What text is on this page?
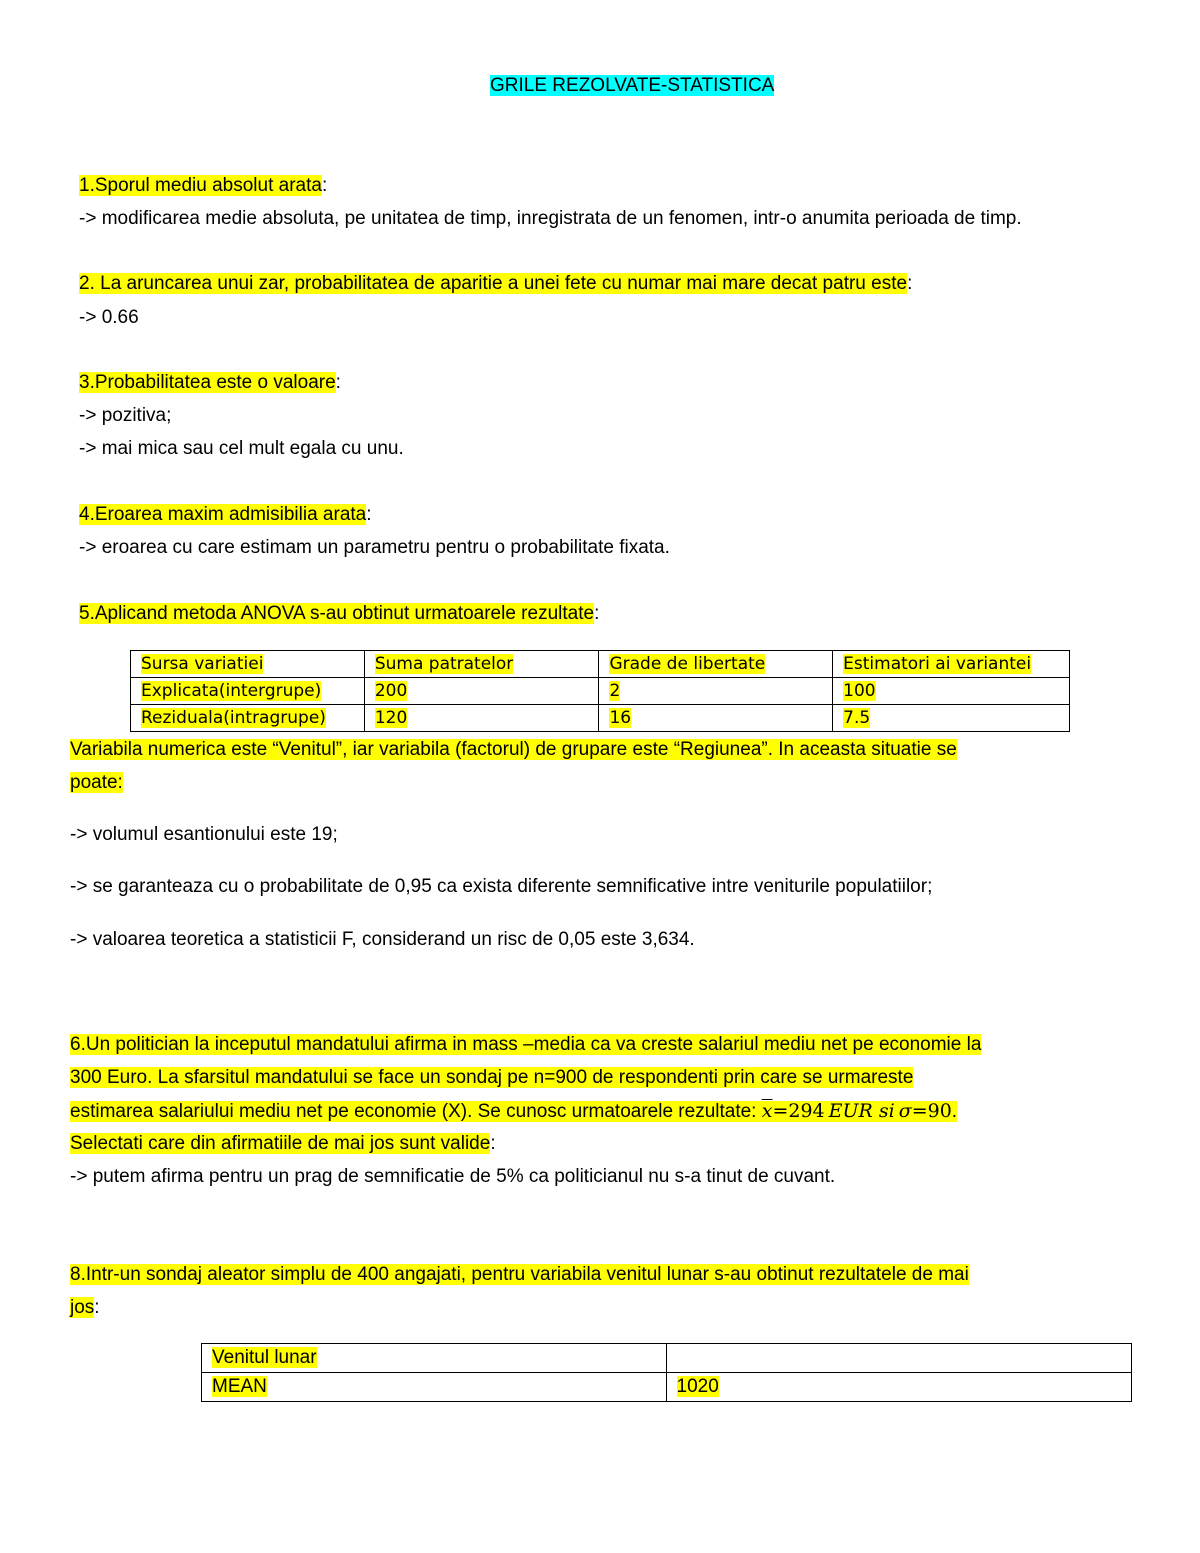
GRILE REZOLVATE-STATISTICA
1.Sporul mediu absolut arata:
-> modificarea medie absoluta, pe unitatea de timp, inregistrata de un fenomen, intr-o anumita perioada de timp.
2. La aruncarea unui zar, probabilitatea de aparitie a unei fete cu numar mai mare decat patru este:
-> 0.66
3.Probabilitatea este o valoare:
-> pozitiva;
-> mai mica sau cel mult egala cu unu.
4.Eroarea maxim admisibilia arata:
-> eroarea cu care estimam un parametru pentru o probabilitate fixata.
5.Aplicand metoda ANOVA s-au obtinut urmatoarele rezultate:
Sursa variatiei	Suma patratelor	Grade de libertate	Estimatori ai variantei
Explicata(intergrupe)	200	2	100
Reziduala(intragrupe)	120	16	7.5
Variabila numerica este “Venitul”, iar variabila (factorul) de grupare este “Regiunea”. In aceasta situatie se
poate:
-> volumul esantionului este 19;
-> se garanteaza cu o probabilitate de 0,95 ca exista diferente semnificative intre veniturile populatiilor;
-> valoarea teoretica a statisticii F, considerand un risc de 0,05 este 3,634.
6.Un politician la inceputul mandatului afirma in mass –media ca va creste salariul mediu net pe economie la
300 Euro. La sfarsitul mandatului se face un sondaj pe n=900 de respondenti prin care se urmareste
estimarea salariului mediu net pe economie (X). Se cunosc urmatoarele rezultate: $\overline{x}=294$ EUR si σ=90.
Selectati care din afirmatiile de mai jos sunt valide:
-> putem afirma pentru un prag de semnificatie de 5% ca politicianul nu s-a tinut de cuvant.
8.Intr-un sondaj aleator simplu de 400 angajati, pentru variabila venitul lunar s-au obtinut rezultatele de mai
jos:
Venitul lunar	
MEAN	1020
